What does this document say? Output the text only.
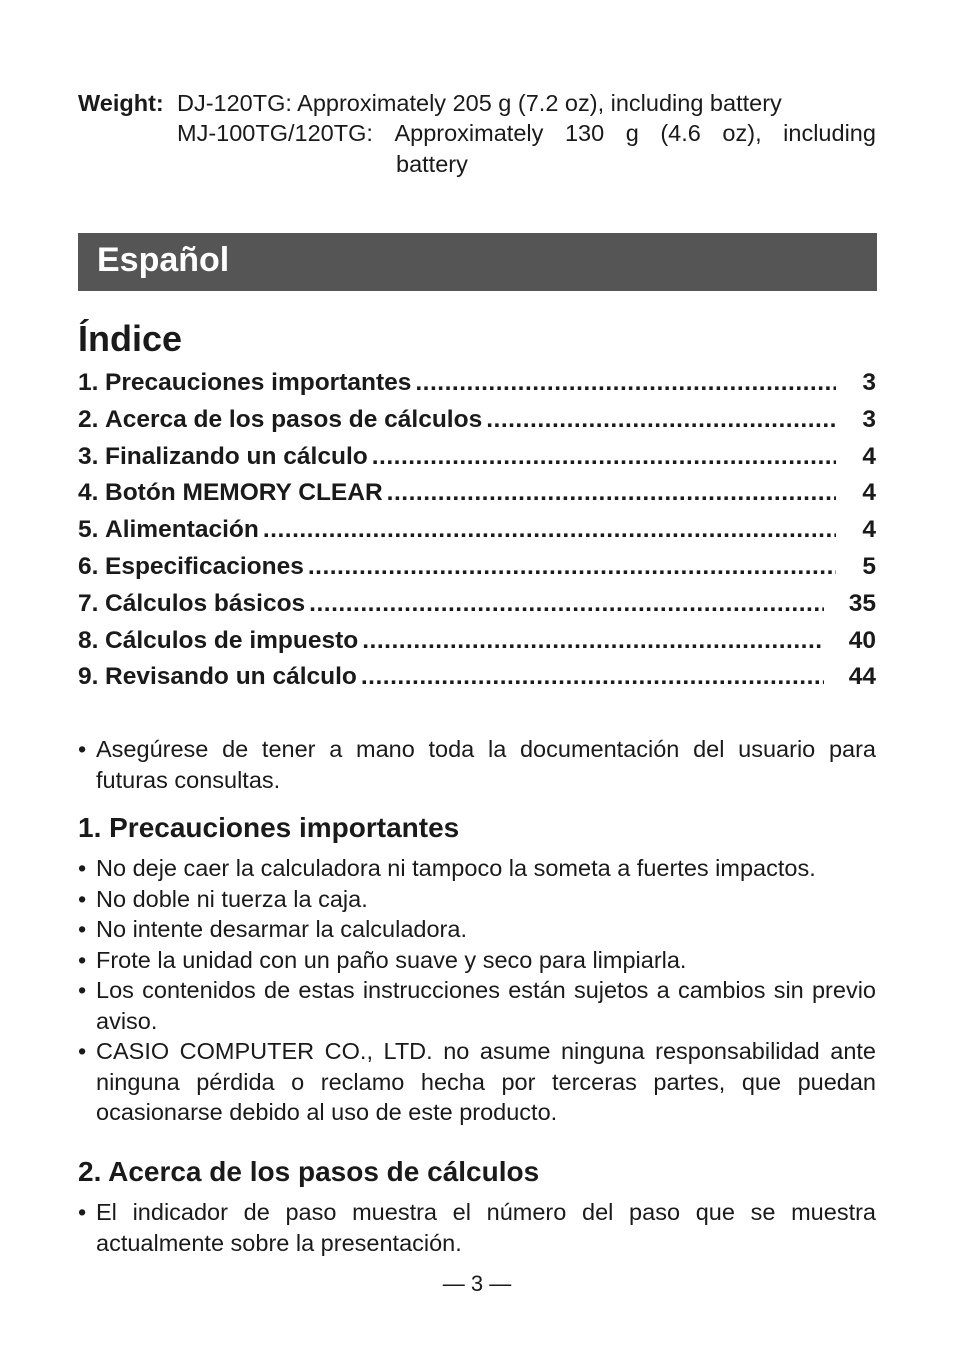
Weight: DJ-120TG: Approximately 205 g (7.2 oz), including battery
MJ-100TG/120TG: Approximately 130 g (4.6 oz), including
battery
Español
Índice
1. Precauciones importantes .....	3
2. Acerca de los pasos de cálculos .....	3
3. Finalizando un cálculo .....	4
4. Botón MEMORY CLEAR .....	4
5. Alimentación .....	4
6. Especificaciones .....	5
7. Cálculos básicos .....	35
8. Cálculos de impuesto .....	40
9. Revisando un cálculo .....	44
• Asegúrese de tener a mano toda la documentación del usuario para futuras consultas.
1. Precauciones importantes
• No deje caer la calculadora ni tampoco la someta a fuertes impactos.
• No doble ni tuerza la caja.
• No intente desarmar la calculadora.
• Frote la unidad con un paño suave y seco para limpiarla.
• Los contenidos de estas instrucciones están sujetos a cambios sin previo aviso.
• CASIO COMPUTER CO., LTD. no asume ninguna responsabilidad ante ninguna pérdida o reclamo hecha por terceras partes, que puedan ocasionarse debido al uso de este producto.
2. Acerca de los pasos de cálculos
• El indicador de paso muestra el número del paso que se muestra actualmente sobre la presentación.
— 3 —
